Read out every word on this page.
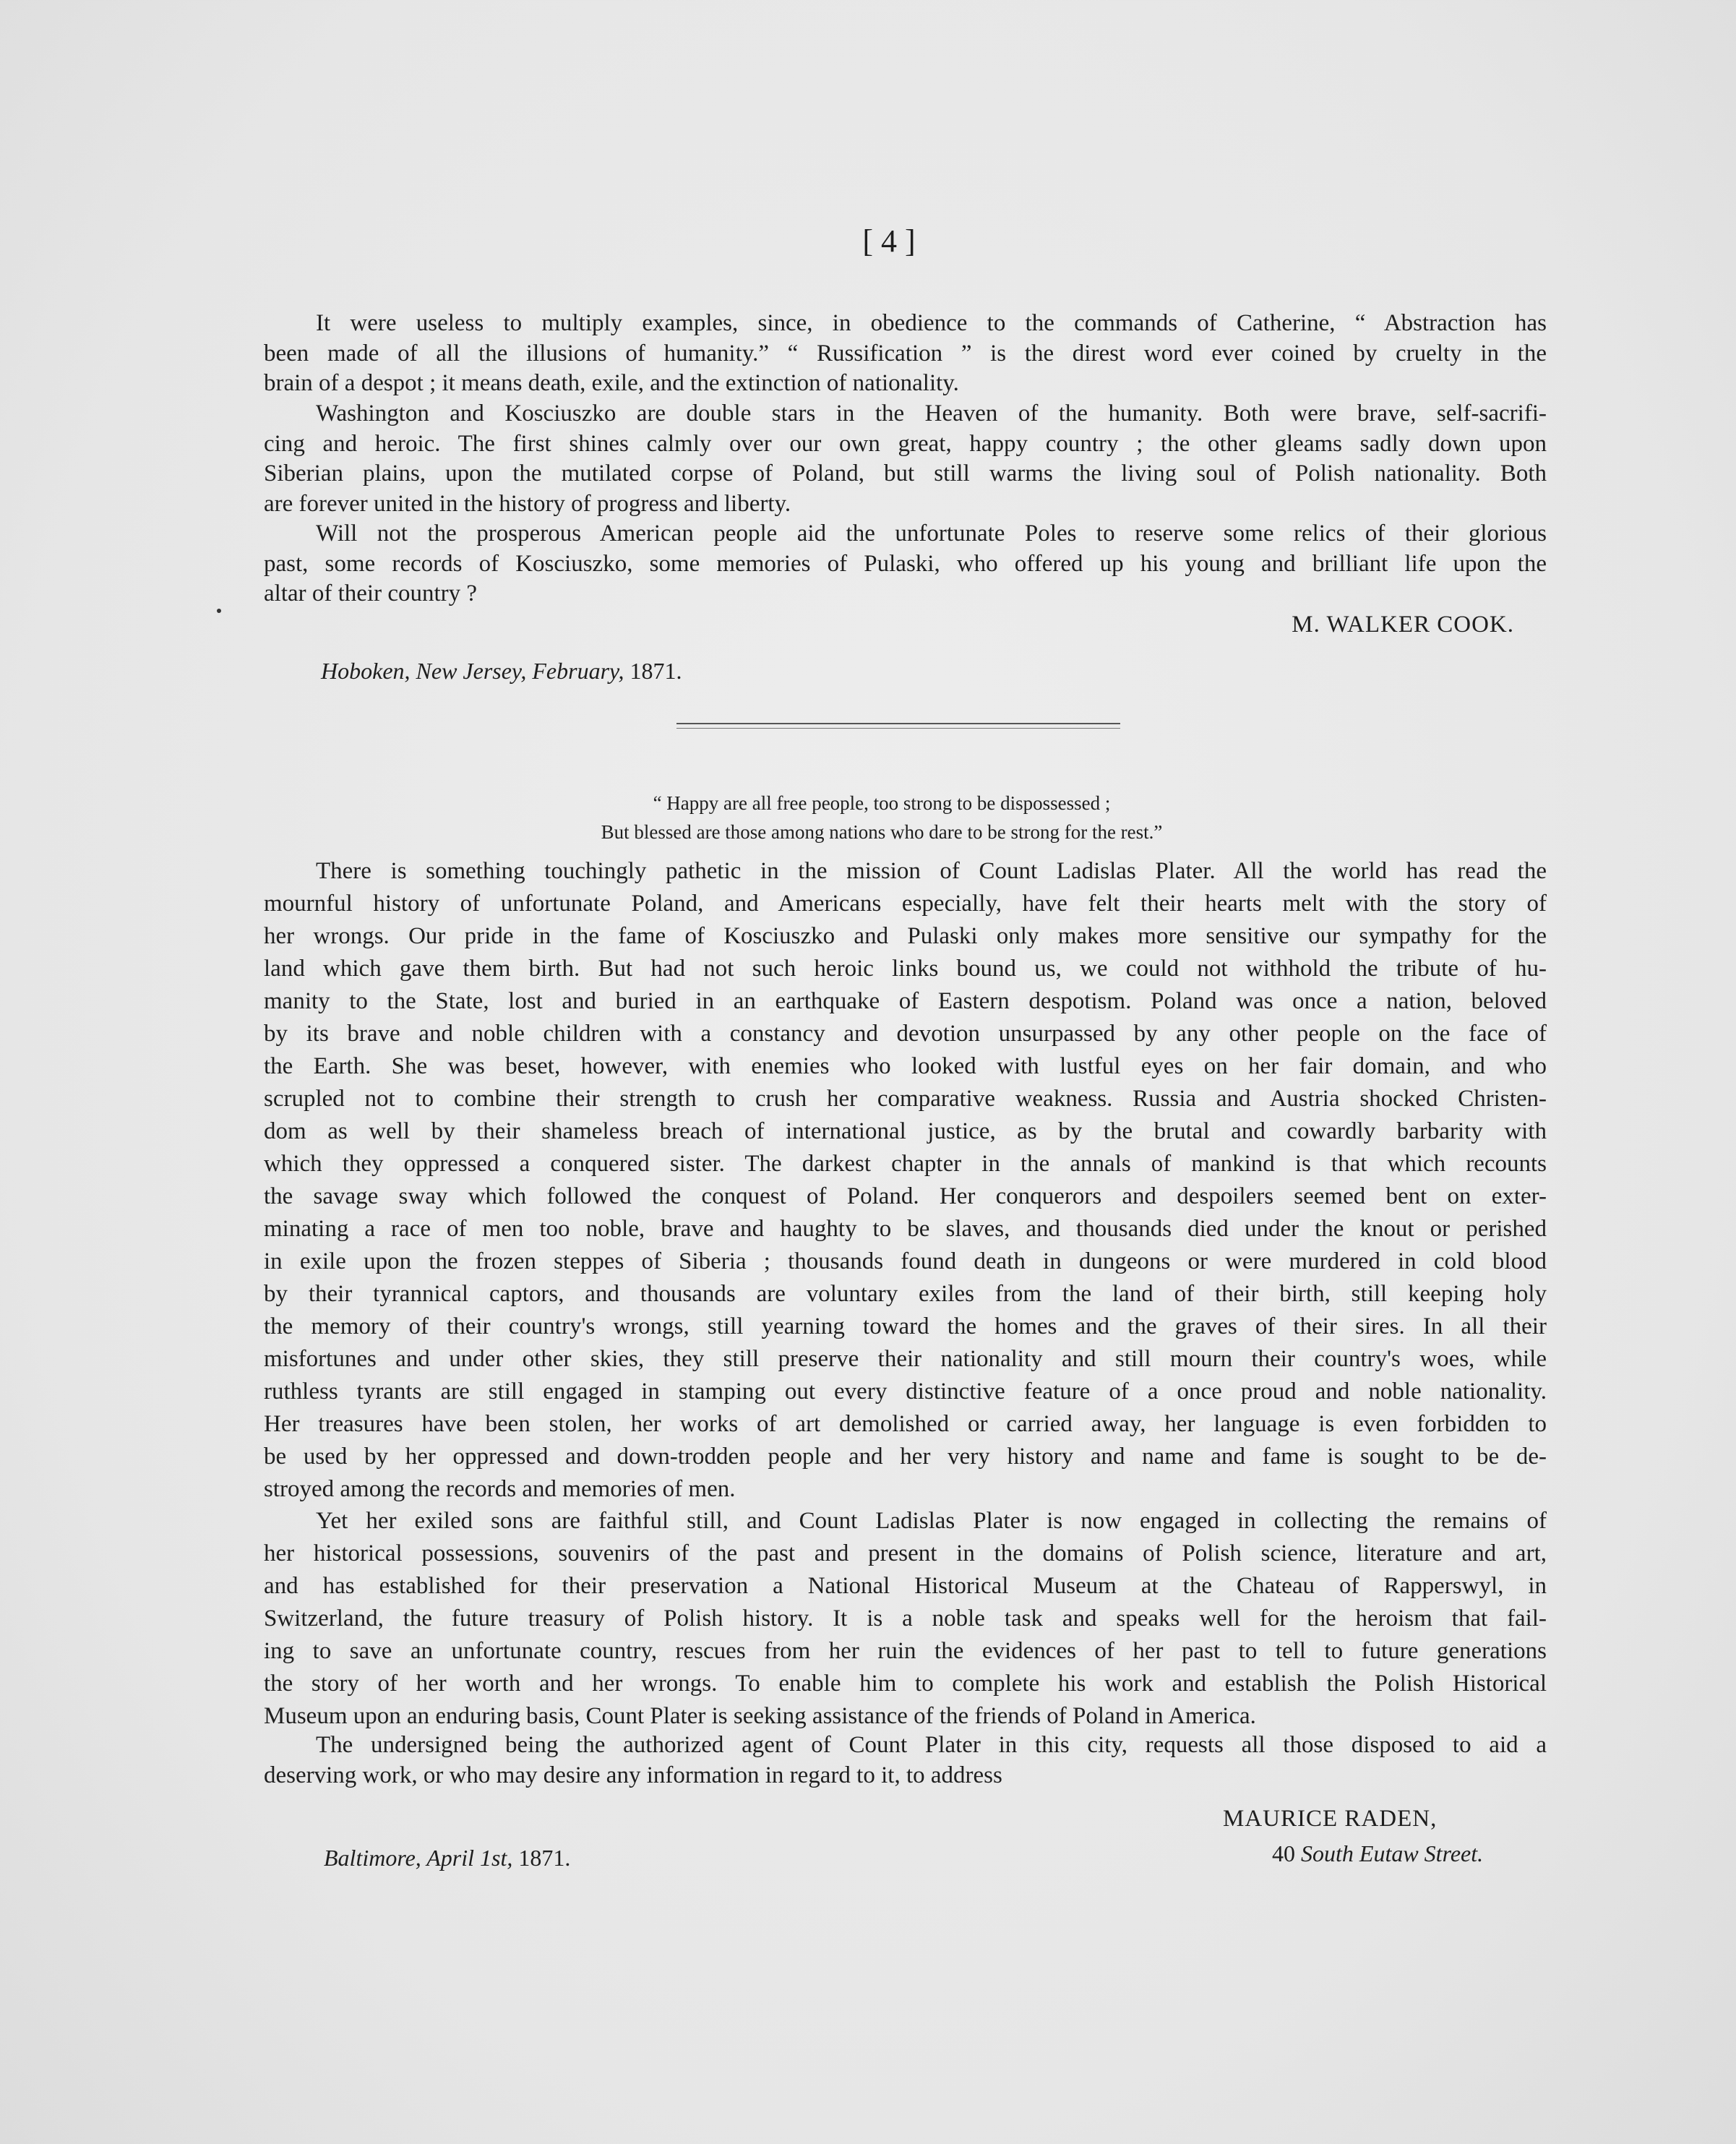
[ 4 ]
It were useless to multiply examples, since, in obedience to the commands of Catherine, “ Abstraction has
been made of all the illusions of humanity.” “ Russification ” is the direst word ever coined by cruelty in the
brain of a despot ; it means death, exile, and the extinction of nationality.
Washington and Kosciuszko are double stars in the Heaven of the humanity. Both were brave, self-sacrifi-
cing and heroic. The first shines calmly over our own great, happy country ; the other gleams sadly down upon
Siberian plains, upon the mutilated corpse of Poland, but still warms the living soul of Polish nationality. Both
are forever united in the history of progress and liberty.
Will not the prosperous American people aid the unfortunate Poles to reserve some relics of their glorious
past, some records of Kosciuszko, some memories of Pulaski, who offered up his young and brilliant life upon the
altar of their country ?
M. WALKER COOK.
Hoboken, New Jersey, February, 1871.
“ Happy are all free people, too strong to be dispossessed ;
But blessed are those among nations who dare to be strong for the rest.”
There is something touchingly pathetic in the mission of Count Ladislas Plater. All the world has read the
mournful history of unfortunate Poland, and Americans especially, have felt their hearts melt with the story of
her wrongs. Our pride in the fame of Kosciuszko and Pulaski only makes more sensitive our sympathy for the
land which gave them birth. But had not such heroic links bound us, we could not withhold the tribute of hu-
manity to the State, lost and buried in an earthquake of Eastern despotism. Poland was once a nation, beloved
by its brave and noble children with a constancy and devotion unsurpassed by any other people on the face of
the Earth. She was beset, however, with enemies who looked with lustful eyes on her fair domain, and who
scrupled not to combine their strength to crush her comparative weakness. Russia and Austria shocked Christen-
dom as well by their shameless breach of international justice, as by the brutal and cowardly barbarity with
which they oppressed a conquered sister. The darkest chapter in the annals of mankind is that which recounts
the savage sway which followed the conquest of Poland. Her conquerors and despoilers seemed bent on exter-
minating a race of men too noble, brave and haughty to be slaves, and thousands died under the knout or perished
in exile upon the frozen steppes of Siberia ; thousands found death in dungeons or were murdered in cold blood
by their tyrannical captors, and thousands are voluntary exiles from the land of their birth, still keeping holy
the memory of their country's wrongs, still yearning toward the homes and the graves of their sires. In all their
misfortunes and under other skies, they still preserve their nationality and still mourn their country's woes, while
ruthless tyrants are still engaged in stamping out every distinctive feature of a once proud and noble nationality.
Her treasures have been stolen, her works of art demolished or carried away, her language is even forbidden to
be used by her oppressed and down-trodden people and her very history and name and fame is sought to be de-
stroyed among the records and memories of men.
Yet her exiled sons are faithful still, and Count Ladislas Plater is now engaged in collecting the remains of
her historical possessions, souvenirs of the past and present in the domains of Polish science, literature and art,
and has established for their preservation a National Historical Museum at the Chateau of Rapperswyl, in
Switzerland, the future treasury of Polish history. It is a noble task and speaks well for the heroism that fail-
ing to save an unfortunate country, rescues from her ruin the evidences of her past to tell to future generations
the story of her worth and her wrongs. To enable him to complete his work and establish the Polish Historical
Museum upon an enduring basis, Count Plater is seeking assistance of the friends of Poland in America.
The undersigned being the authorized agent of Count Plater in this city, requests all those disposed to aid a
deserving work, or who may desire any information in regard to it, to address
MAURICE RADEN,
40 South Eutaw Street.
Baltimore, April 1st, 1871.
